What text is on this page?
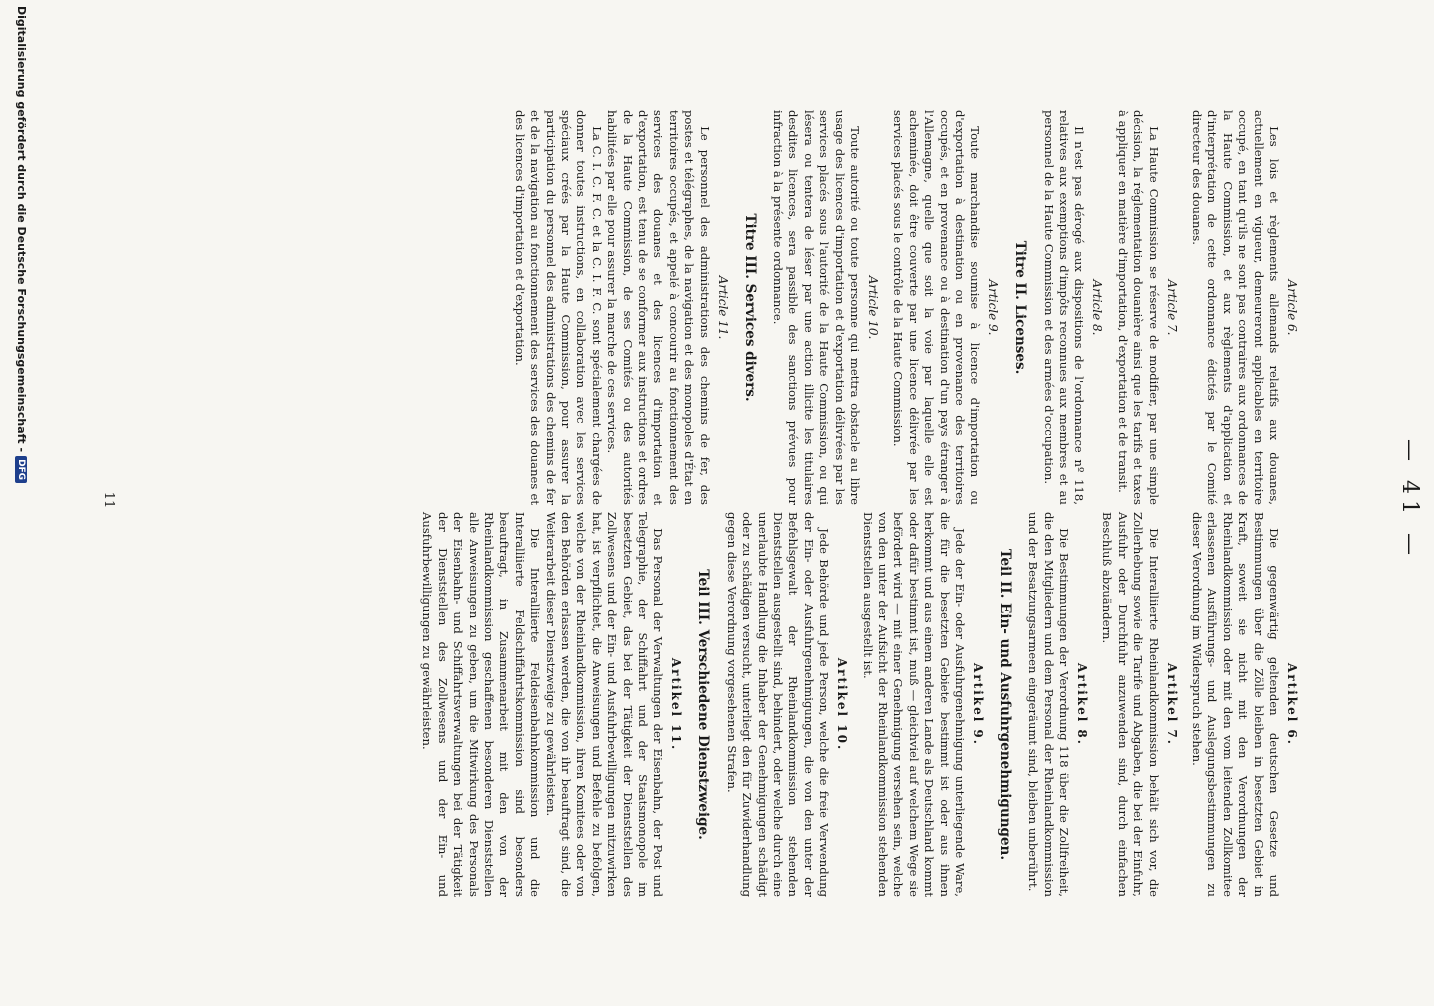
— 41 —
Article 6.

Les lois et règlements allemands relatifs aux douanes, actuellement en vigueur, demeureront applicables en territoire occupé, en tant qu'ils ne sont pas contraires aux ordonnances de la Haute Commission, et aux règlements d'application et d'interprétation de cette ordonnance édictés par le Comité directeur des douanes.

Article 7.

La Haute Commission se réserve de modifier, par une simple décision, la réglementation douanière ainsi que les tarifs et taxes à appliquer en matière d'importation, d'exportation et de transit.

Article 8.

Il n'est pas dérogé aux dispositions de l'ordonnance nº 118, relatives aux exemptions d'impôts reconnues aux membres et au personnel de la Haute Commission et des armées d'occupation.

Titre II. Licenses.
Article 9.

Toute marchandise soumise à licence d'importation ou d'exportation à destination ou en provenance des territoires occupés, et en provenance ou à destination d'un pays étranger à l'Allemagne, quelle que soit la voie par laquelle elle est acheminée, doit être couverte par une licence délivrée par les services placés sous le contrôle de la Haute Commission.

Article 10.

Toute autorité ou toute personne qui mettra obstacle au libre usage des licences d'importation et d'exportation délivrées par les services placés sous l'autorité de la Haute Commission, ou qui lésera ou tentera de léser par une action illicite les titulaires desdites licences, sera passible des sanctions prévues pour infraction à la présente ordonnance.

Titre III. Services divers.
Article 11.

Le personnel des administrations des chemins de fer, des postes et télégraphes, de la navigation et des monopoles d'État en territoires occupés, et appelé à concourir au fonctionnement des services des douanes et des licences d'importation et d'exportation, est tenu de se conformer aux instructions et ordres de la Haute Commission, de ses Comités ou des autorités habilitées par elle pour assurer la marche de ces services.

La C. I. C. F. C. et la C. I. F. C. sont spécialement chargées de donner toutes instructions, en collaboration avec les services spéciaux créés par la Haute Commission, pour assurer la participation du personnel des administrations des chemins de fer et de la navigation au fonctionnement des services des douanes et des licences d'importation et d'exportation.

Artikel 6.

Die gegenwärtig geltenden deutschen Gesetze und Bestimmungen über die Zölle bleiben in besetzten Gebiet in Kraft, soweit sie nicht mit den Verordnungen der Rheinlandkommission oder mit den vom leitenden Zollkomitee erlassenen Ausführungs- und Auslegungsbestimmungen zu dieser Verordnung im Widerspruch stehen.

Artikel 7.

Die Interalliierte Rheinlandkommission behält sich vor, die Zollerhebung sowie die Tarife und Abgaben, die bei der Einfuhr, Ausfuhr oder Durchfuhr anzuwenden sind, durch einfachen Beschluß abzuändern.

Artikel 8.

Die Bestimmungen der Verordnung 118 über die Zollfreiheit, die den Mitgliedern und dem Personal der Rheinlandkommission und der Besatzungsarmeen eingeräumt sind, bleiben unberührt.

Teil II. Ein- und Ausfuhrgenehmigungen.
Artikel 9.

Jede der Ein- oder Ausfuhrgenehmigung unterliegende Ware, die für die besetzten Gebiete bestimmt ist oder aus ihnen herkommt und aus einem anderen Lande als Deutschland kommt oder dafür bestimmt ist, muß — gleichviel auf welchem Wege sie befördert wird — mit einer Genehmigung versehen sein, welche von den unter der Aufsicht der Rheinlandkommission stehenden Dienststellen ausgestellt ist.

Artikel 10.

Jede Behörde und jede Person, welche die freie Verwendung der Ein- oder Ausfuhrgenehmigungen, die von den unter der Befehlsgewalt der Rheinlandkommission stehenden Dienststellen ausgestellt sind, behindert, oder welche durch eine unerlaubte Handlung die Inhaber der Genehmigungen schädigt oder zu schädigen versucht, unterliegt den für Zuwiderhandlung gegen diese Verordnung vorgesehenen Strafen.

Teil III. Verschiedene Dienstzweige.
Artikel 11.

Das Personal der Verwaltungen der Eisenbahn, der Post und Telegraphie, der Schiffahrt und der Staatsmonopole im besetzten Gebiet, das bei der Tätigkeit der Dienststellen des Zollwesens und der Ein- und Ausfuhrbewilligungen mitzuwirken hat, ist verpflichtet, die Anweisungen und Befehle zu befolgen, welche von der Rheinlandkommission, ihren Komitees oder von den Behörden erlassen werden, die von ihr beauftragt sind, die Weiterarbeit dieser Dienstzweige zu gewährleisten.

Die Interalliierte Feldeisenbahnkommission und die Interalliierte Feldschiffahrtskommission sind besonders beauftragt, in Zusammenarbeit mit den von der Rheinlandkommission geschaffenen besonderen Dienststellen alle Anweisungen zu geben, um die Mitwirkung des Personals der Eisenbahn- und Schiffahrtsverwaltungen bei der Tätigkeit der Dienststellen des Zollwesens und der Ein- und Ausfuhrbewilligungen zu gewährleisten.

11
Digitalisierung gefördert durch die Deutsche Forschungsgemeinschaft -
DFG
